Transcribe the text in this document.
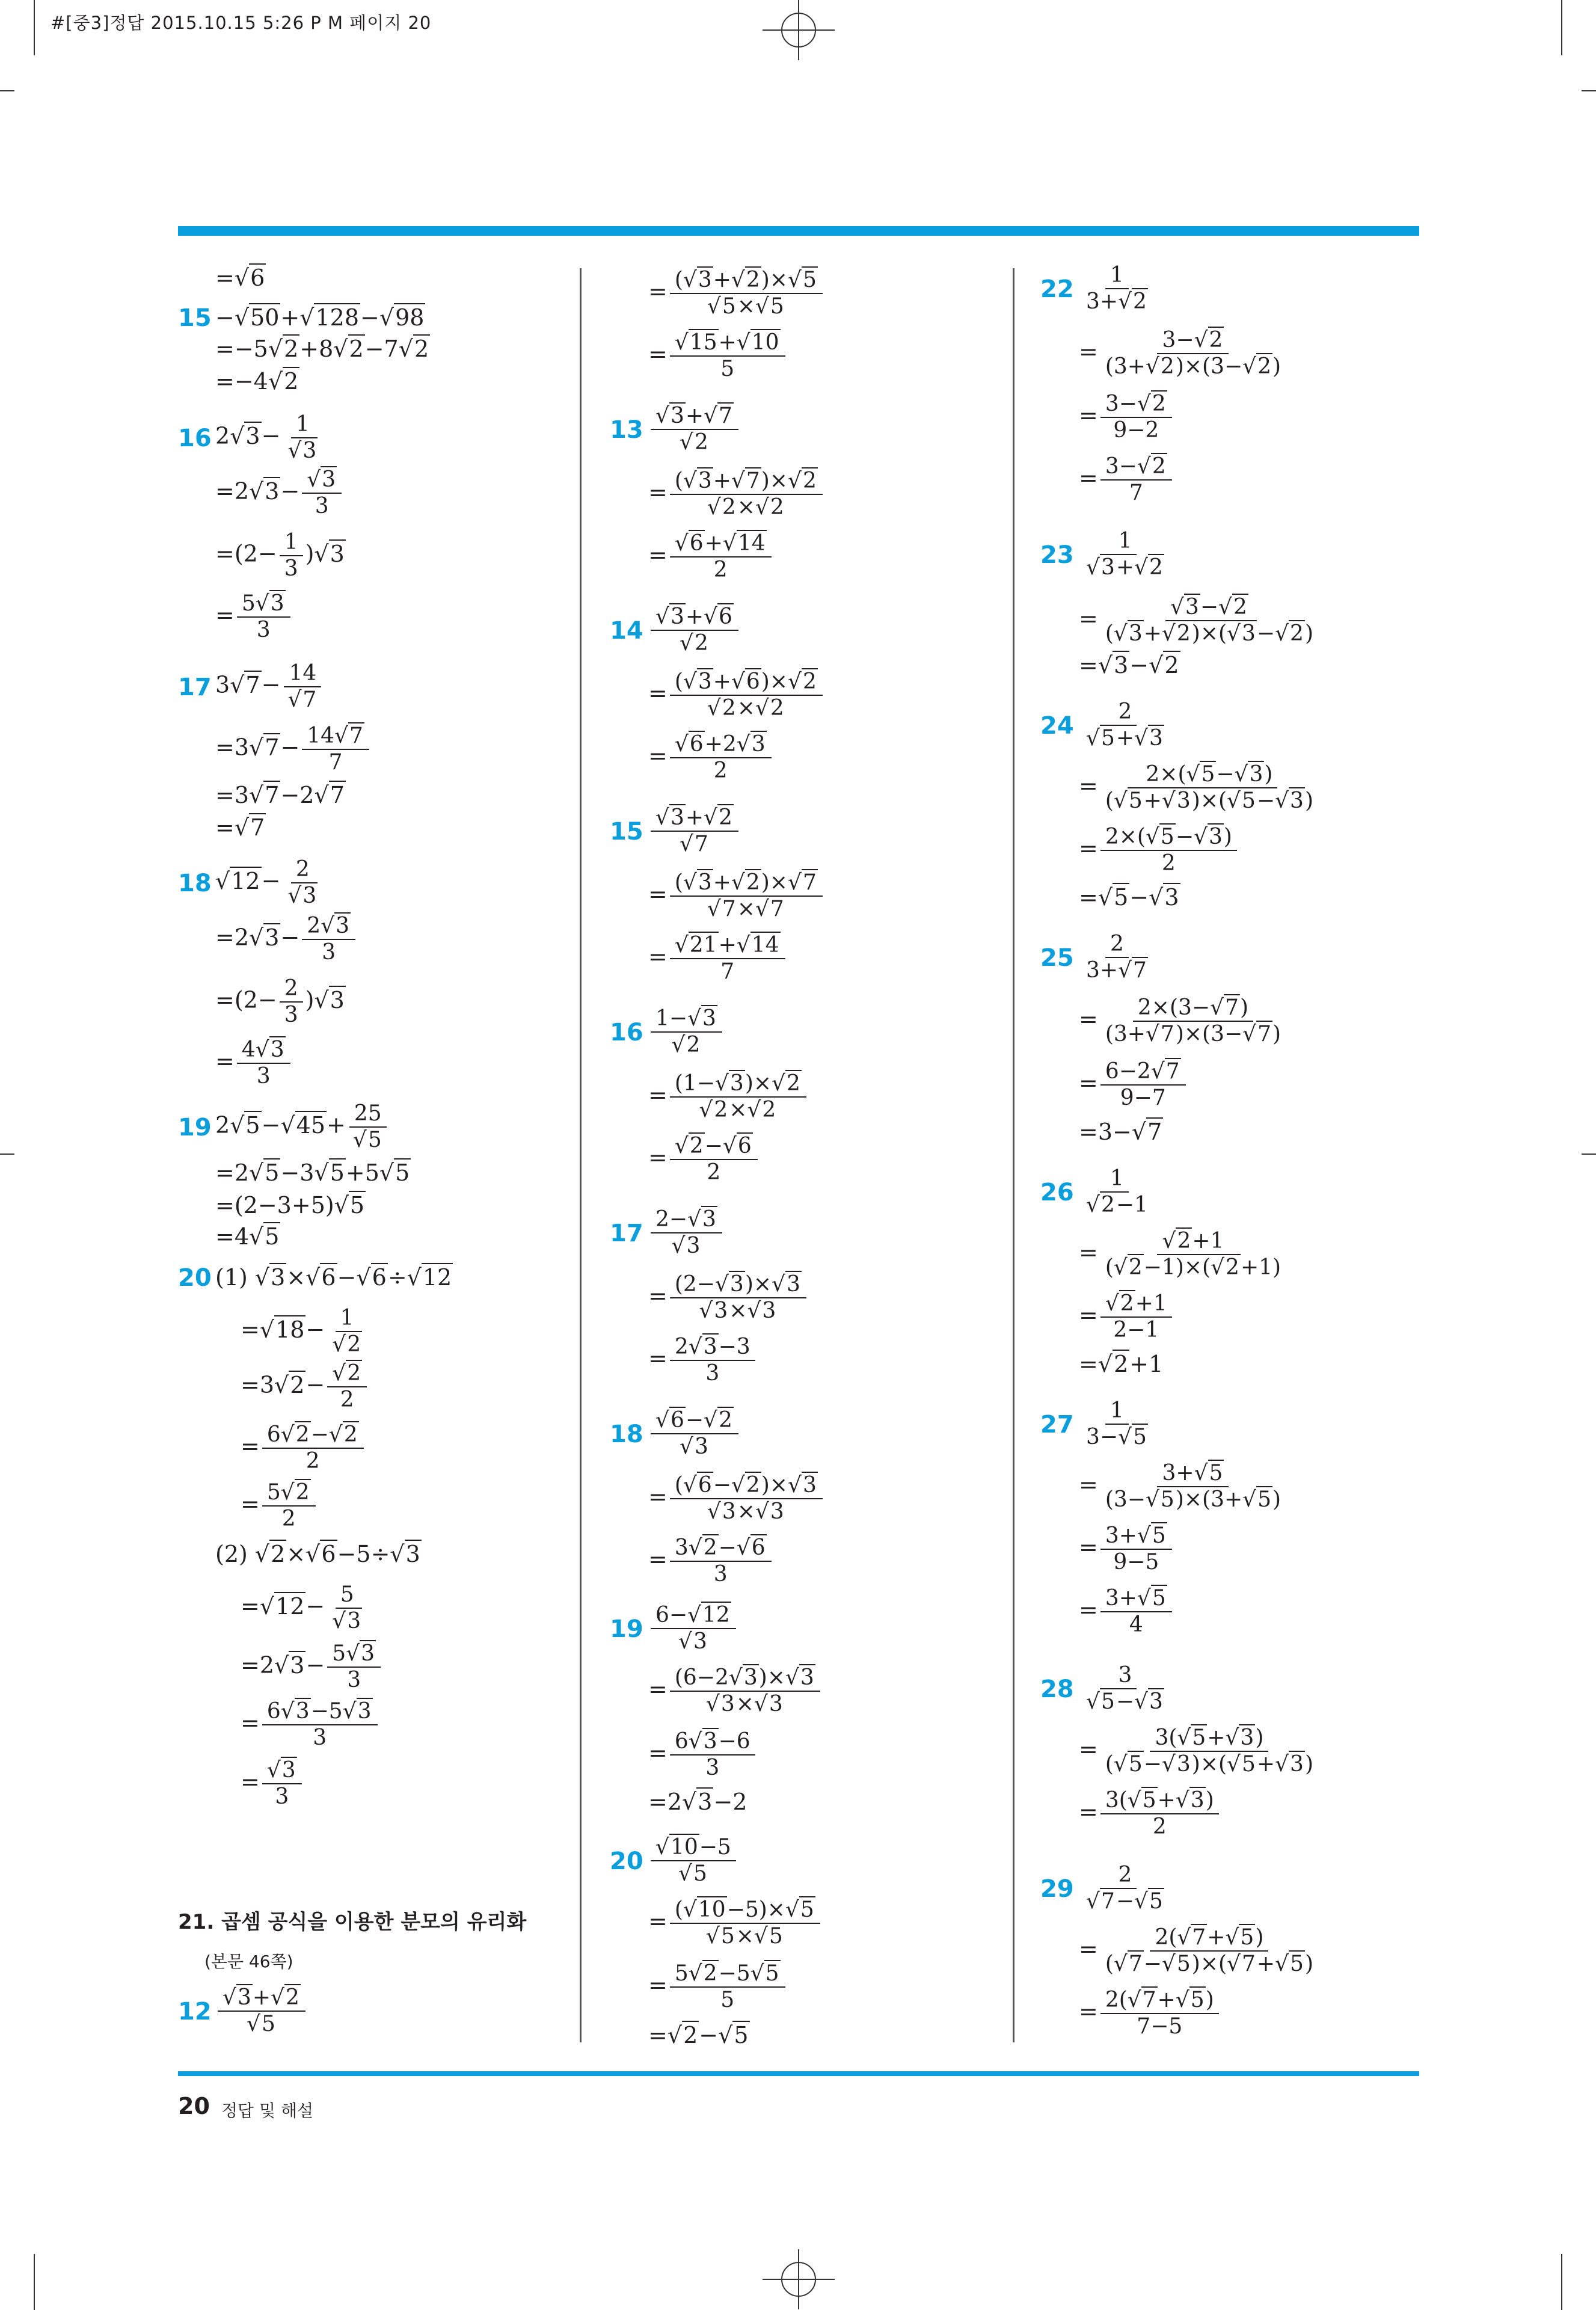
#[중3]정답 2015.10.15 5:26 P M 페이지 20
21. 곱셈 공식을 이용한 분모의 유리화
(본문 46쪽)
20 정답 및 해설
=√6
15 −√50+√128−√98
=−5√2+8√2−7√2
=−4√2
16 $2√3- \frac{1}{√3}$
$=2√3- \frac{√3}{3}$
$=(2- \frac{1}{3} )√3$
= $\frac{5√3}{3}$
17 $3√7- \frac{14}{√7}$
$=3√7- \frac{14√7}{7}$
=3√7−2√7
=√7
18 $√12- \frac{2}{√3}$
$=2√3- \frac{2√3}{3}$
$=(2- \frac{2}{3} )√3$
= $\frac{4√3}{3}$
19 $2√5-√45+ \frac{25}{√5}$
=2√5−3√5+5√5
=(2−3+5)√5
=4√5
20 (1) √3×√6−√6÷√12
$=√18- \frac{1}{√2}$
$=3√2- \frac{√2}{2}$
= $\frac{6√2-√2}{2}$
= $\frac{5√2}{2}$
(2) √2×√6−5÷√3
$=√12- \frac{5}{√3}$
$=2√3- \frac{5√3}{3}$
= $\frac{6√3-5√3}{3}$
= $\frac{√3}{3}$
$12 \frac{√3+√2}{√5}$
= $\frac{(√3+√2)\times√5}{√5\times√5}$
= $\frac{√15+√10}{5}$
$13 \frac{√3+√7}{√2}$
= $\frac{(√3+√7)\times√2}{√2\times√2}$
= $\frac{√6+√14}{2}$
$14 \frac{√3+√6}{√2}$
= $\frac{(√3+√6)\times√2}{√2\times√2}$
= $\frac{√6+2√3}{2}$
$15 \frac{√3+√2}{√7}$
= $\frac{(√3+√2)\times√7}{√7\times√7}$
= $\frac{√21+√14}{7}$
$16 \frac{1-√3}{√2}$
= $\frac{(1-√3)\times√2}{√2\times√2}$
= $\frac{√2-√6}{2}$
$17 \frac{2-√3}{√3}$
= $\frac{(2-√3)\times√3}{√3\times√3}$
= $\frac{2√3-3}{3}$
$18 \frac{√6-√2}{√3}$
= $\frac{(√6-√2)\times√3}{√3\times√3}$
= $\frac{3√2-√6}{3}$
$19 \frac{6-√12}{√3}$
= $\frac{(6-2√3)\times√3}{√3\times√3}$
= $\frac{6√3-6}{3}$
=2√3−2
$20 \frac{√10-5}{√5}$
= $\frac{(√10-5)\times√5}{√5\times√5}$
= $\frac{5√2-5√5}{5}$
=√2−√5
$22 \frac{1}{3+√2}$
= $\frac{3-√2}{(3+√2)\times(3-√2)}$
= $\frac{3-√2}{9-2}$
= $\frac{3-√2}{7}$
$23 \frac{1}{√3+√2}$
= $\frac{√3-√2}{(√3+√2)\times(√3-√2)}$
=√3−√2
$24 \frac{2}{√5+√3}$
= $\frac{2\times(√5-√3)}{(√5+√3)\times(√5-√3)}$
= $\frac{2\times(√5-√3)}{2}$
=√5−√3
$25 \frac{2}{3+√7}$
= $\frac{2\times(3-√7)}{(3+√7)\times(3-√7)}$
= $\frac{6-2√7}{9-7}$
=3−√7
$26 \frac{1}{√2-1}$
= $\frac{√2+1}{(√2-1)\times(√2+1)}$
= $\frac{√2+1}{2-1}$
=√2+1
$27 \frac{1}{3-√5}$
= $\frac{3+√5}{(3-√5)\times(3+√5)}$
= $\frac{3+√5}{9-5}$
= $\frac{3+√5}{4}$
$28 \frac{3}{√5-√3}$
= $\frac{3(√5+√3)}{(√5-√3)\times(√5+√3)}$
= $\frac{3(√5+√3)}{2}$
$29 \frac{2}{√7-√5}$
= $\frac{2(√7+√5)}{(√7-√5)\times(√7+√5)}$
= $\frac{2(√7+√5)}{7-5}$
